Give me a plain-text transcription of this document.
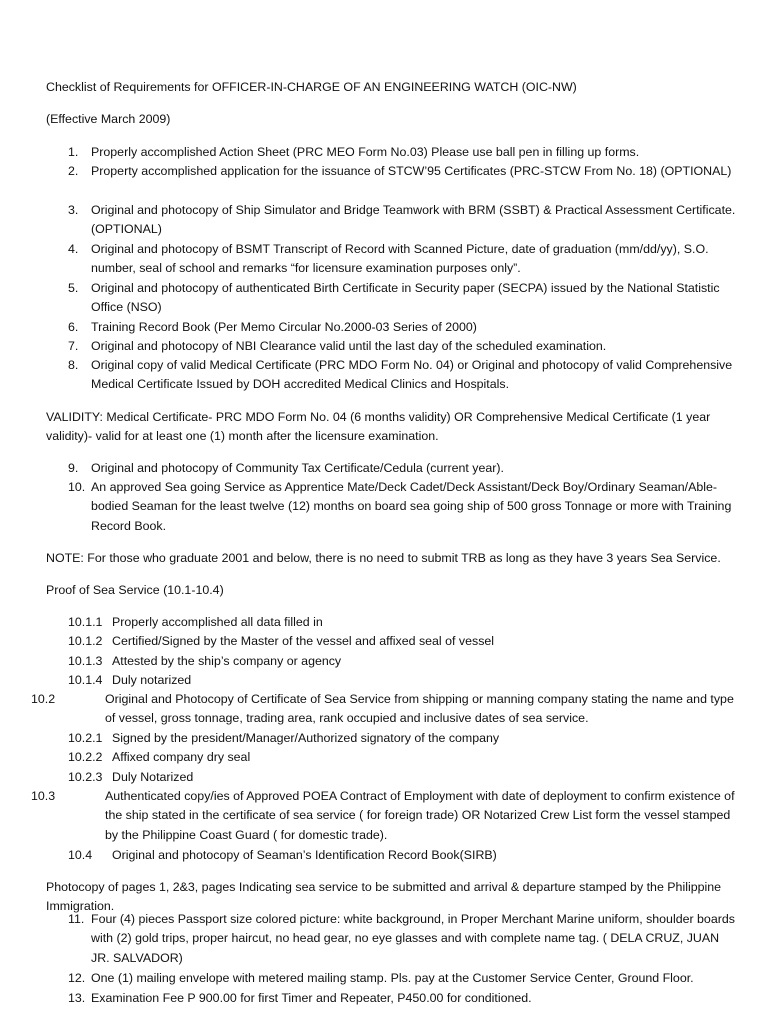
Checklist of Requirements for OFFICER-IN-CHARGE OF AN ENGINEERING WATCH (OIC-NW)

(Effective March 2009)

1.	Properly accomplished Action Sheet (PRC MEO Form No.03) Please use ball pen in filling up forms.
2.	Property accomplished application for the issuance of STCW’95 Certificates (PRC-STCW From No. 18) (OPTIONAL)
3.	Original and photocopy of Ship Simulator and Bridge Teamwork with BRM (SSBT) & Practical Assessment Certificate. (OPTIONAL)
4.	Original and photocopy of BSMT Transcript of Record with Scanned Picture, date of graduation (mm/dd/yy), S.O. number, seal of school and remarks “for licensure examination purposes only”.
5.	Original and photocopy of authenticated Birth Certificate in Security paper (SECPA) issued by the National Statistic Office (NSO)
6.	Training Record Book (Per Memo Circular No.2000-03 Series of 2000)
7.	Original and photocopy of NBI Clearance valid until the last day of the scheduled examination.
8.	Original copy of valid Medical Certificate (PRC MDO Form No. 04) or Original and photocopy of valid Comprehensive Medical Certificate Issued by DOH accredited Medical Clinics and Hospitals.

VALIDITY: Medical Certificate- PRC MDO Form No. 04 (6 months validity) OR Comprehensive Medical Certificate (1 year validity)- valid for at least one (1) month after the licensure examination.

9.	Original and photocopy of Community Tax Certificate/Cedula (current year).
10. An approved Sea going Service as Apprentice Mate/Deck Cadet/Deck Assistant/Deck Boy/Ordinary Seaman/Able-bodied Seaman for the least twelve (12) months on board sea going ship of 500 gross Tonnage or more with Training Record Book.

NOTE: For those who graduate 2001 and below, there is no need to submit TRB as long as they have 3 years Sea Service.

Proof of Sea Service (10.1-10.4)

10.1.1 Properly accomplished all data filled in
10.1.2 Certified/Signed by the Master of the vessel and affixed seal of vessel
10.1.3 Attested by the ship’s company or agency
10.1.4 Duly notarized
10.2	Original and Photocopy of Certificate of Sea Service from shipping or manning company stating the name and type of vessel, gross tonnage, trading area, rank occupied and inclusive dates of sea service.
10.2.1 Signed by the president/Manager/Authorized signatory of the company
10.2.2 Affixed company dry seal
10.2.3 Duly Notarized
10.3	Authenticated copy/ies of Approved POEA Contract of Employment with date of deployment to confirm existence of the ship stated in the certificate of sea service ( for foreign trade) OR Notarized Crew List form the vessel stamped by the Philippine Coast Guard ( for domestic trade).
10.4 Original and photocopy of Seaman’s Identification Record Book(SIRB)

Photocopy of pages 1, 2&3, pages Indicating sea service to be submitted and arrival & departure stamped by the Philippine Immigration.

11. Four (4) pieces Passport size colored picture: white background, in Proper Merchant Marine uniform, shoulder boards with (2) gold trips, proper haircut, no head gear, no eye glasses and with complete name tag. ( DELA CRUZ, JUAN JR. SALVADOR)
12. One (1) mailing envelope with metered mailing stamp. Pls. pay at the Customer Service Center, Ground Floor.
13. Examination Fee P 900.00 for first Timer and Repeater, P450.00 for conditioned.
